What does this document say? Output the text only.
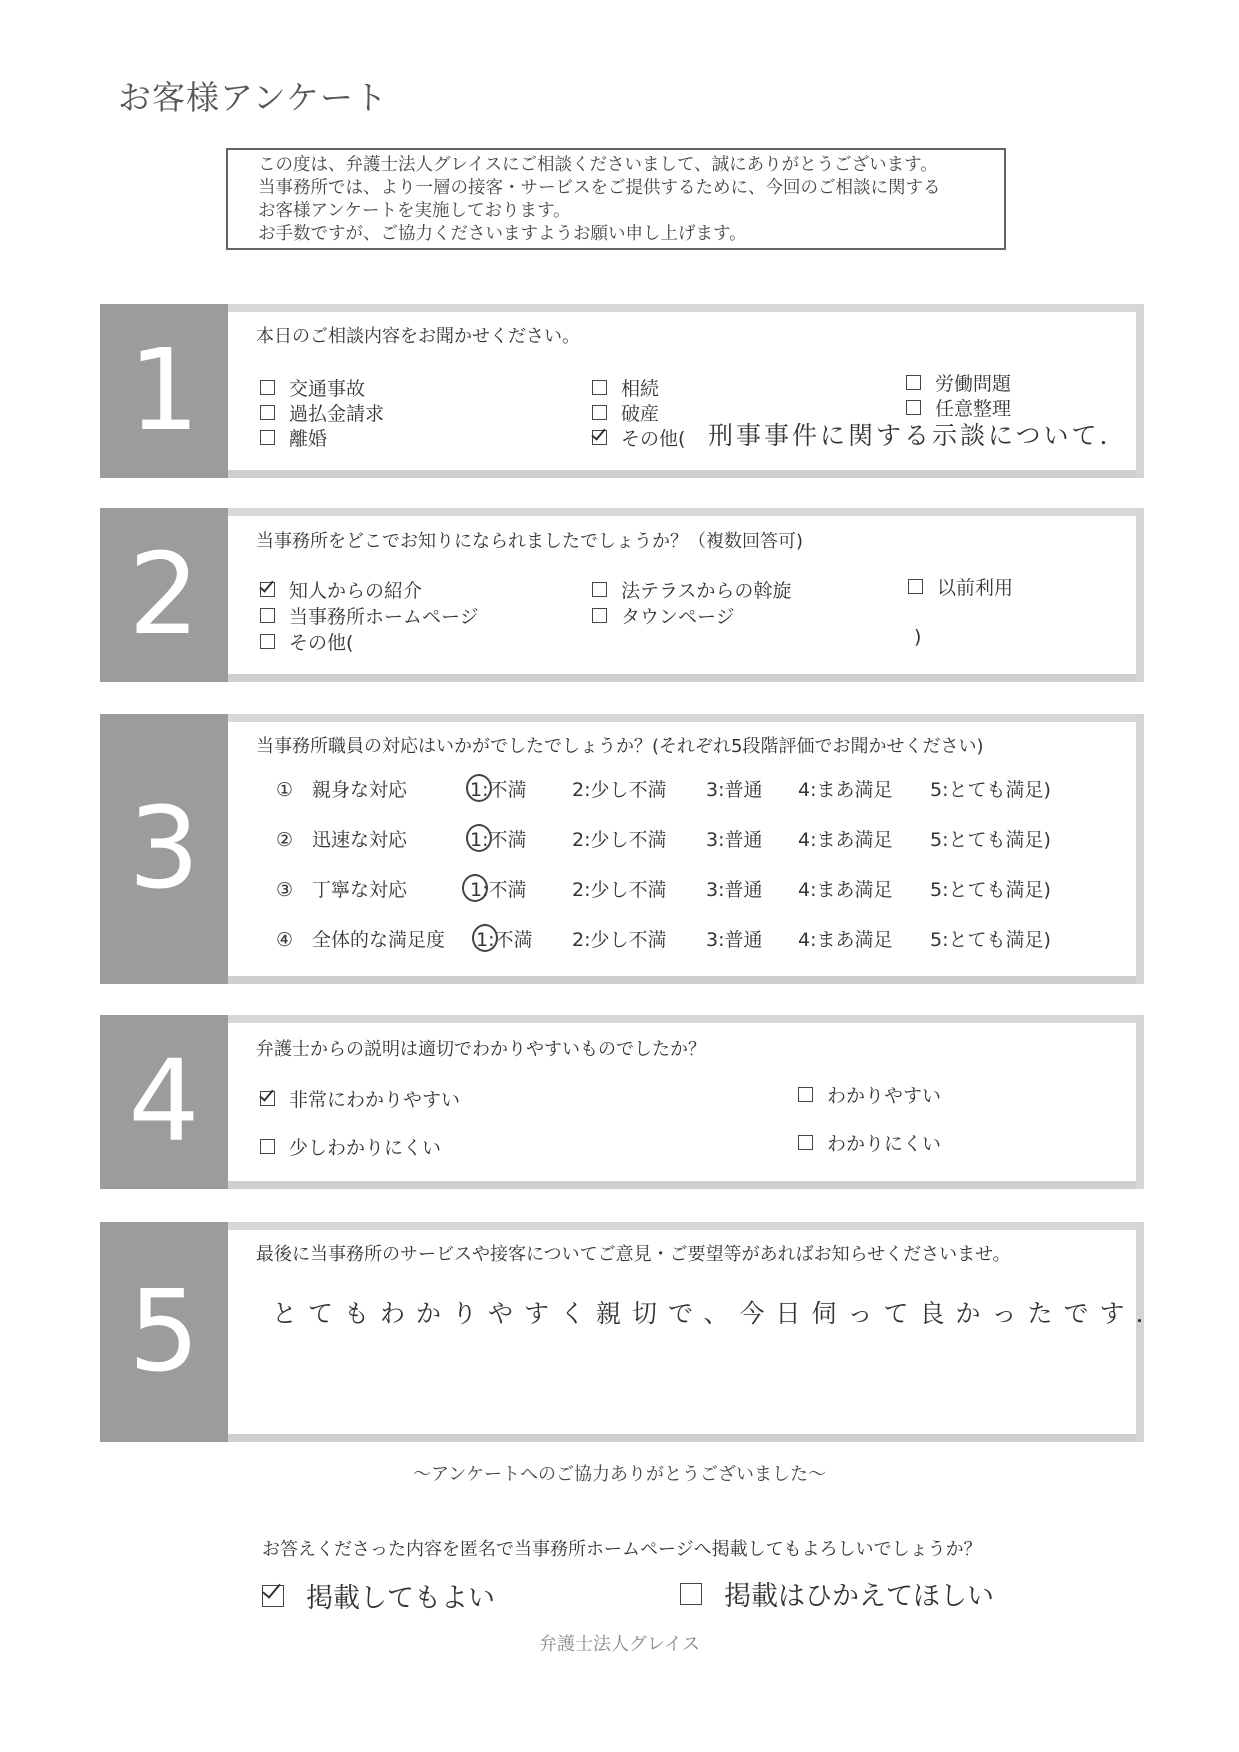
お客様アンケート
この度は、弁護士法人グレイスにご相談くださいまして、誠にありがとうございます。
当事務所では、より一層の接客・サービスをご提供するために、今回のご相談に関する
お客様アンケートを実施しております。
お手数ですが、ご協力くださいますようお願い申し上げます。
1	本日のご相談内容をお聞かせください。
交通事故
過払金請求
離婚
相続
破産
その他(
労働問題
任意整理
刑事事件に関する示談について.
2	当事務所をどこでお知りになられましたでしょうか？（複数回答可)
知人からの紹介
当事務所ホームページ
その他(
法テラスからの斡旋
タウンページ
以前利用
)
3
当事務所職員の対応はいかがでしたでしょうか？(それぞれ5段階評価でお聞かせください)
①　親身な対応	1:不満 2:少し不満 3:普通 4:まあ満足 5:とても満足)
②　迅速な対応	1:不満 2:少し不満 3:普通 4:まあ満足 5:とても満足)
③　丁寧な対応	1:不満 2:少し不満 3:普通 4:まあ満足 5:とても満足)
④　全体的な満足度 1:不満 2:少し不満 3:普通 4:まあ満足 5:とても満足)
4	弁護士からの説明は適切でわかりやすいものでしたか？
非常にわかりやすい
少しわかりにくい
わかりやすい
わかりにくい
5
最後に当事務所のサービスや接客についてご意見・ご要望等があればお知らせくださいませ。
とてもわかりやすく親切で、今日伺って良かったです.
～アンケートへのご協力ありがとうございました～
お答えくださった内容を匿名で当事務所ホームページへ掲載してもよろしいでしょうか？
掲載してもよい	掲載はひかえてほしい
弁護士法人グレイス
